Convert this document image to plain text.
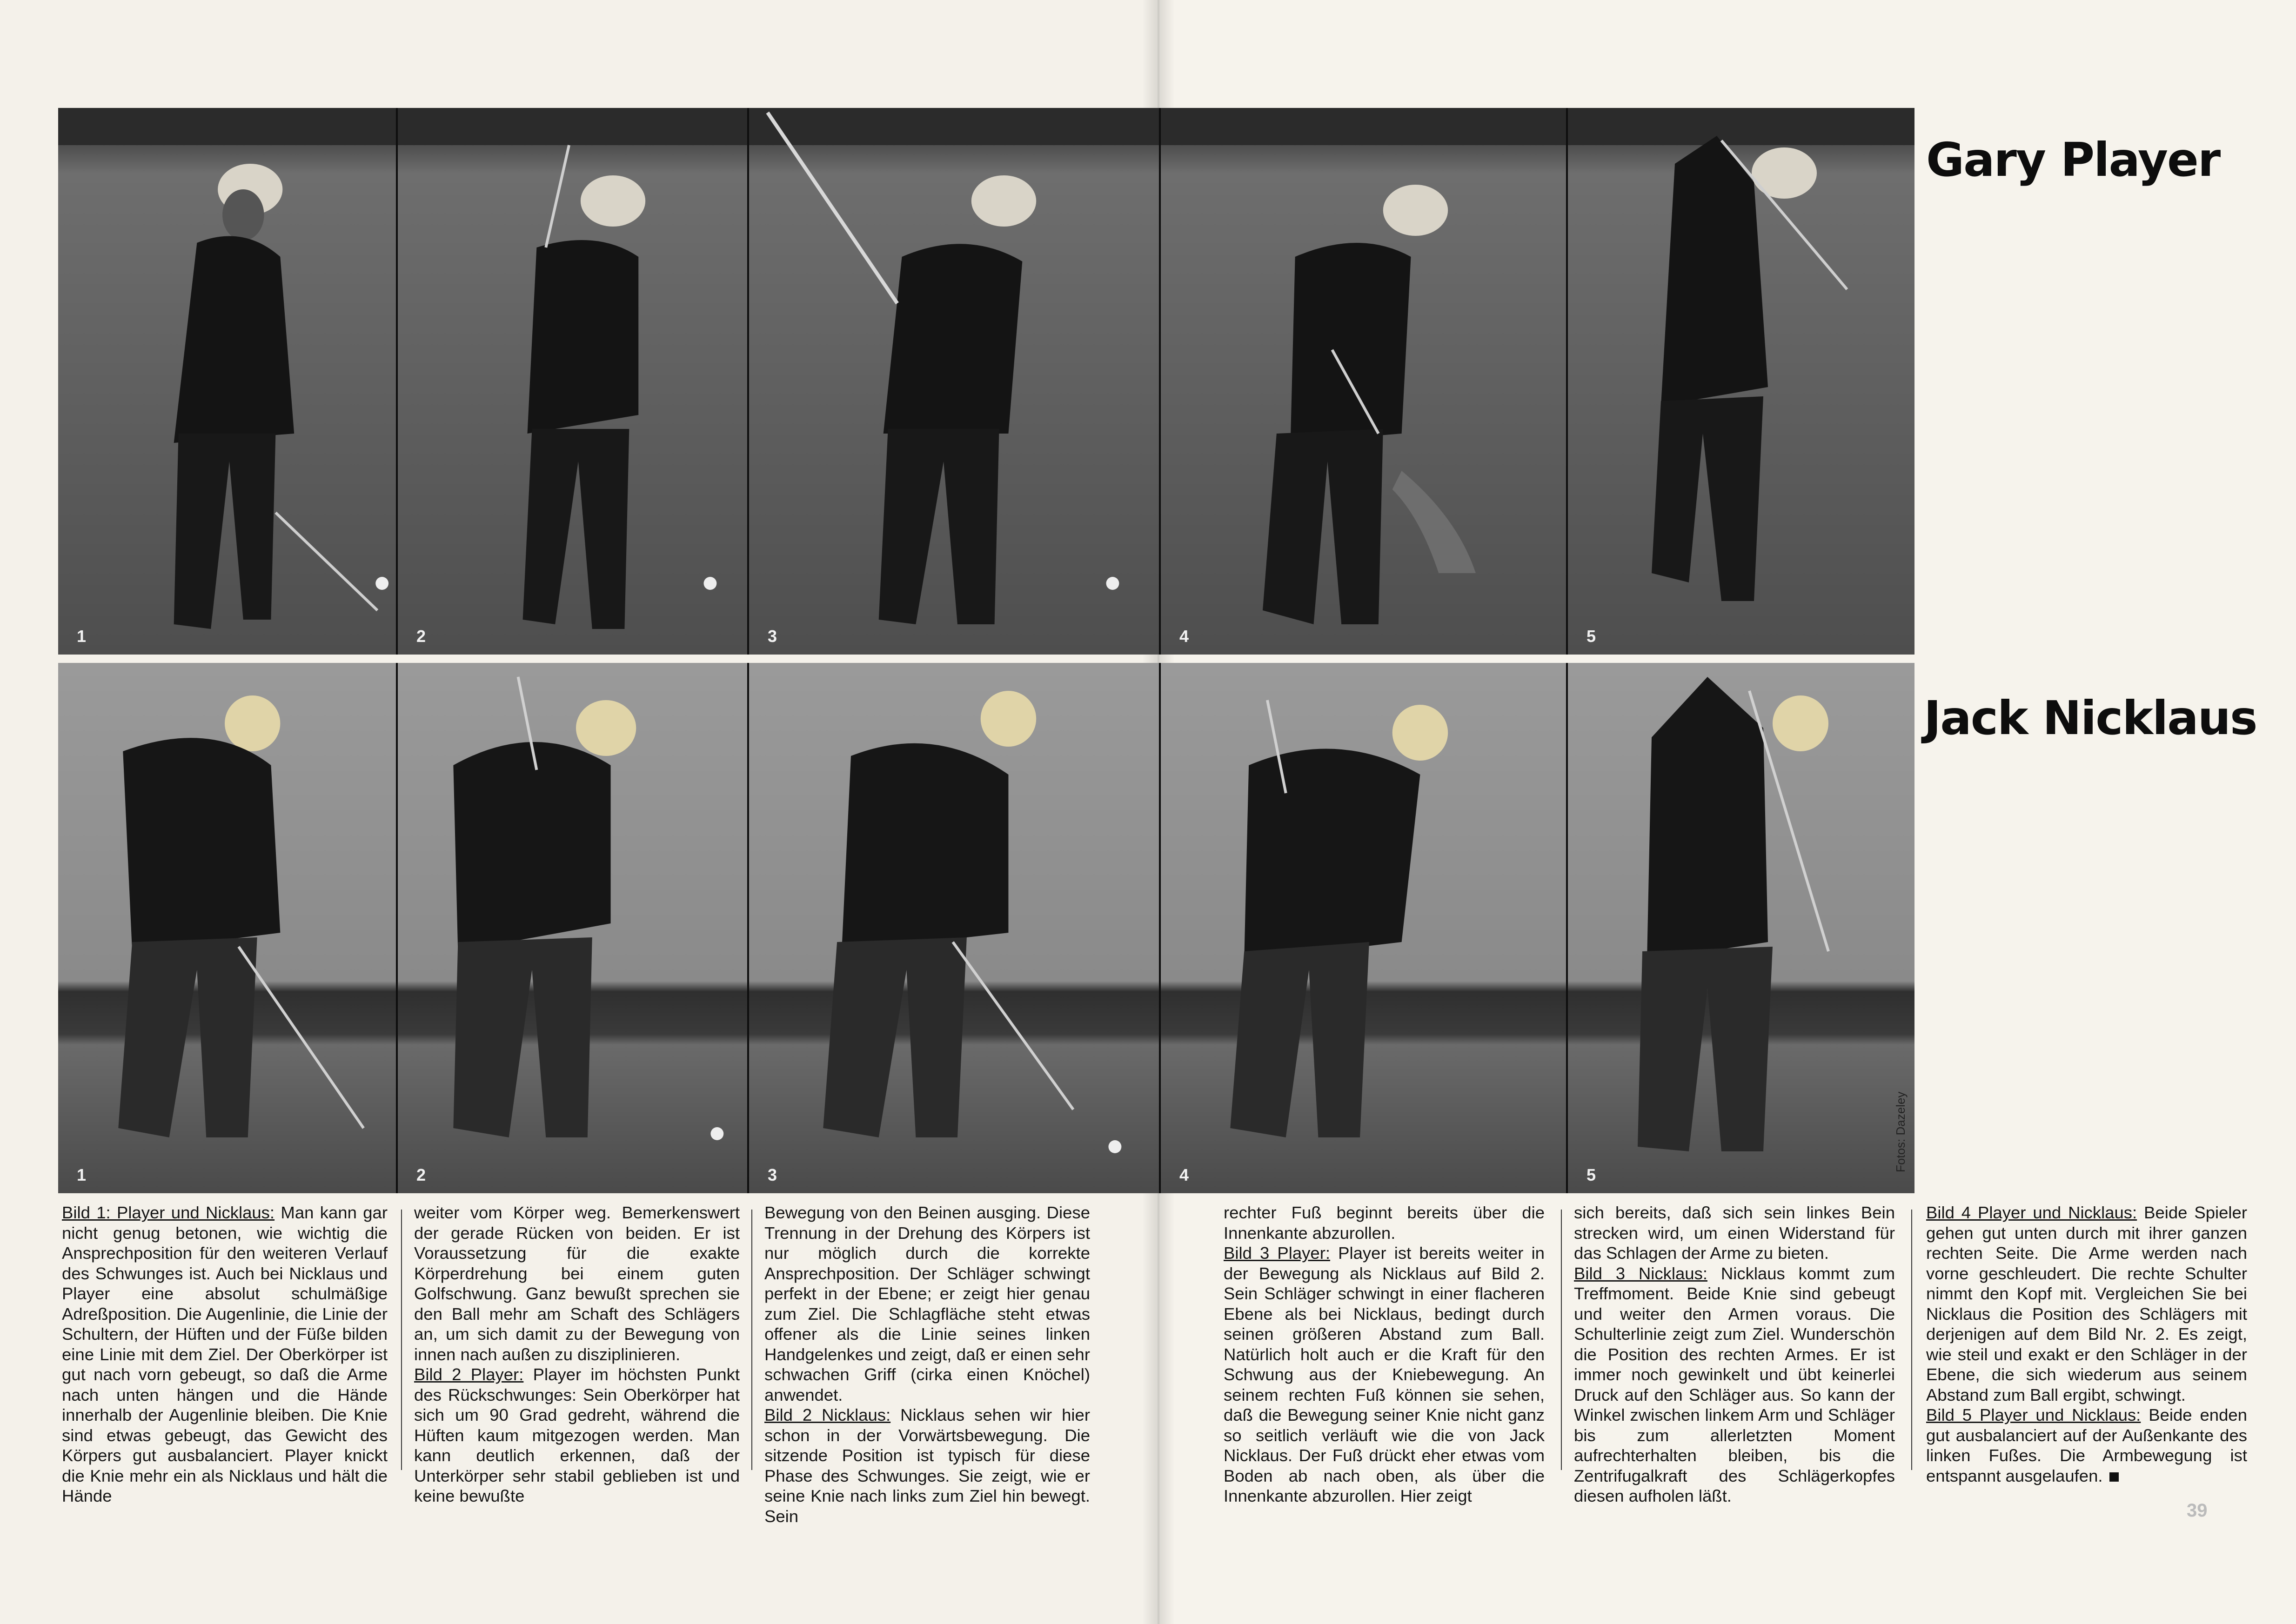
1	2	3	4	5
1	2	3	4	5
Gary Player
Jack Nicklaus
Fotos: Dazeley

Bild 1: Player und Nicklaus: Man kann gar nicht genug betonen, wie wichtig die Ansprechposition für den weiteren Verlauf des Schwunges ist. Auch bei Nicklaus und Player eine absolut schulmäßige Adreßposition. Die Augenlinie, die Linie der Schultern, der Hüften und der Füße bilden eine Linie mit dem Ziel. Der Oberkörper ist gut nach vorn gebeugt, so daß die Arme nach unten hängen und die Hände innerhalb der Augenlinie bleiben. Die Knie sind etwas gebeugt, das Gewicht des Körpers gut ausbalanciert. Player knickt die Knie mehr ein als Nicklaus und hält die Hände

weiter vom Körper weg. Bemerkenswert der gerade Rücken von beiden. Er ist Voraussetzung für die exakte Körperdrehung bei einem guten Golfschwung. Ganz bewußt sprechen sie den Ball mehr am Schaft des Schlägers an, um sich damit zu der Bewegung von innen nach außen zu disziplinieren.

Bild 2 Player: Player im höchsten Punkt des Rückschwunges: Sein Oberkörper hat sich um 90 Grad gedreht, während die Hüften kaum mitgezogen werden. Man kann deutlich erkennen, daß der Unterkörper sehr stabil geblieben ist und keine bewußte

Bewegung von den Beinen ausging. Diese Trennung in der Drehung des Körpers ist nur möglich durch die korrekte Ansprechposition. Der Schläger schwingt perfekt in der Ebene; er zeigt hier genau zum Ziel. Die Schlagfläche steht etwas offener als die Linie seines linken Handgelenkes und zeigt, daß er einen sehr schwachen Griff (cirka einen Knöchel) anwendet.

Bild 2 Nicklaus: Nicklaus sehen wir hier schon in der Vorwärtsbewegung. Die sitzende Position ist typisch für diese Phase des Schwunges. Sie zeigt, wie er seine Knie nach links zum Ziel hin bewegt. Sein

rechter Fuß beginnt bereits über die Innenkante abzurollen.

Bild 3 Player: Player ist bereits weiter in der Bewegung als Nicklaus auf Bild 2. Sein Schläger schwingt in einer flacheren Ebene als bei Nicklaus, bedingt durch seinen größeren Abstand zum Ball. Natürlich holt auch er die Kraft für den Schwung aus der Kniebewegung. An seinem rechten Fuß können sie sehen, daß die Bewegung seiner Knie nicht ganz so seitlich verläuft wie die von Jack Nicklaus. Der Fuß drückt eher etwas vom Boden ab nach oben, als über die Innenkante abzurollen. Hier zeigt

sich bereits, daß sich sein linkes Bein strecken wird, um einen Widerstand für das Schlagen der Arme zu bieten.

Bild 3 Nicklaus: Nicklaus kommt zum Treffmoment. Beide Knie sind gebeugt und weiter den Armen voraus. Die Schulterlinie zeigt zum Ziel. Wunderschön die Position des rechten Armes. Er ist immer noch gewinkelt und übt keinerlei Druck auf den Schläger aus. So kann der Winkel zwischen linkem Arm und Schläger bis zum allerletzten Moment aufrechterhalten bleiben, bis die Zentrifugalkraft des Schlägerkopfes diesen aufholen läßt.

Bild 4 Player und Nicklaus: Beide Spieler gehen gut unten durch mit ihrer ganzen rechten Seite. Die Arme werden nach vorne geschleudert. Die rechte Schulter nimmt den Kopf mit. Vergleichen Sie bei Nicklaus die Position des Schlägers mit derjenigen auf dem Bild Nr. 2. Es zeigt, wie steil und exakt er den Schläger in der Ebene, die sich wiederum aus seinem Abstand zum Ball ergibt, schwingt.

Bild 5 Player und Nicklaus: Beide enden gut ausbalanciert auf der Außenkante des linken Fußes. Die Armbewegung ist entspannt ausgelaufen.

39
